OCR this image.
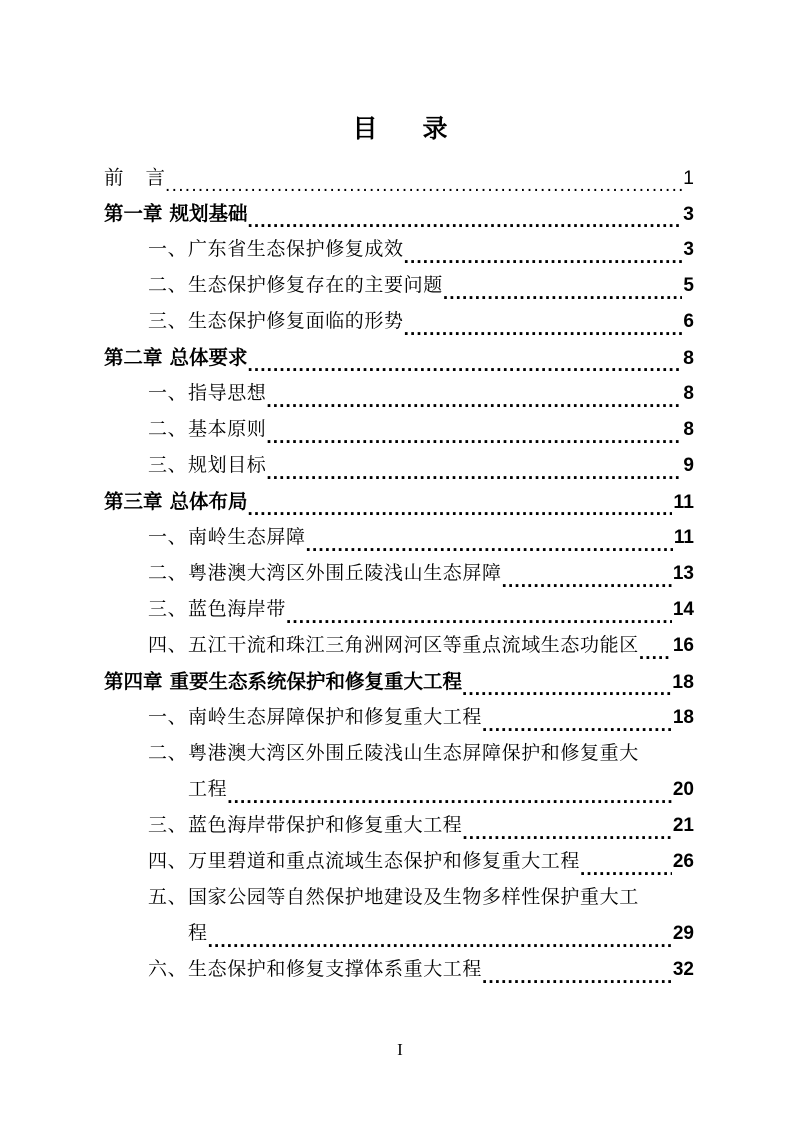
目　录
前 言 .....	1
第一章 规划基础 .....	3
一、广东省生态保护修复成效 .....	3
二、生态保护修复存在的主要问题 .....	5
三、生态保护修复面临的形势 .....	6
第二章 总体要求 .....	8
一、指导思想 .....	8
二、基本原则 .....	8
三、规划目标 .....	9
第三章 总体布局 .....	11
一、南岭生态屏障 .....	11
二、粤港澳大湾区外围丘陵浅山生态屏障 .....	13
三、蓝色海岸带 .....	14
四、五江干流和珠江三角洲网河区等重点流域生态功能区 ..... 16
第四章 重要生态系统保护和修复重大工程 .....	18
一、南岭生态屏障保护和修复重大工程 .....	18
二、粤港澳大湾区外围丘陵浅山生态屏障保护和修复重大
工程 .....	20
三、蓝色海岸带保护和修复重大工程 .....	21
四、万里碧道和重点流域生态保护和修复重大工程 .....	26
五、国家公园等自然保护地建设及生物多样性保护重大工
程 .....	29
六、生态保护和修复支撑体系重大工程 .....	32
I
